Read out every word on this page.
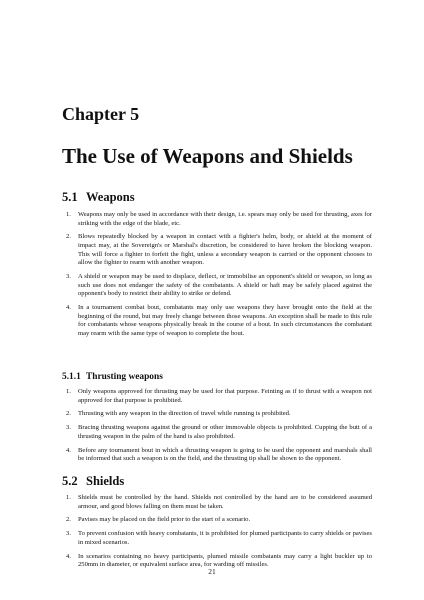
Chapter 5
The Use of Weapons and Shields
5.1 Weapons
1. Weapons may only be used in accordance with their design, i.e. spears may only be used for thrusting, axes for striking with the edge of the blade, etc.
2. Blows repeatedly blocked by a weapon in contact with a fighter's helm, body, or shield at the moment of impact may, at the Sovereign's or Marshal's discretion, be considered to have broken the blocking weapon. This will force a fighter to forfeit the fight, unless a secondary weapon is carried or the opponent chooses to allow the fighter to rearm with another weapon.
3. A shield or weapon may be used to displace, deflect, or immobilise an opponent's shield or weapon, so long as such use does not endanger the safety of the combatants. A shield or haft may be safely placed against the opponent's body to restrict their ability to strike or defend.
4. In a tournament combat bout, combatants may only use weapons they have brought onto the field at the beginning of the round, but may freely change between those weapons. An exception shall be made to this rule for combatants whose weapons physically break in the course of a bout. In such circumstances the combatant may rearm with the same type of weapon to complete the bout.
5.1.1 Thrusting weapons
1. Only weapons approved for thrusting may be used for that purpose. Feinting as if to thrust with a weapon not approved for that purpose is prohibited.
2. Thrusting with any weapon in the direction of travel while running is prohibited.
3. Bracing thrusting weapons against the ground or other immovable objects is prohibited. Cupping the butt of a thrusting weapon in the palm of the hand is also prohibited.
4. Before any tournament bout in which a thrusting weapon is going to be used the opponent and marshals shall be informed that such a weapon is on the field, and the thrusting tip shall be shown to the opponent.
5.2 Shields
1. Shields must be controlled by the hand. Shields not controlled by the hand are to be considered assumed armour, and good blows falling on them must be taken.
2. Pavises may be placed on the field prior to the start of a scenario.
3. To prevent confusion with heavy combatants, it is prohibited for plumed participants to carry shields or pavises in mixed scenarios.
4. In scenarios containing no heavy participants, plumed missile combatants may carry a light buckler up to 250mm in diameter, or equivalent surface area, for warding off missiles.
21
